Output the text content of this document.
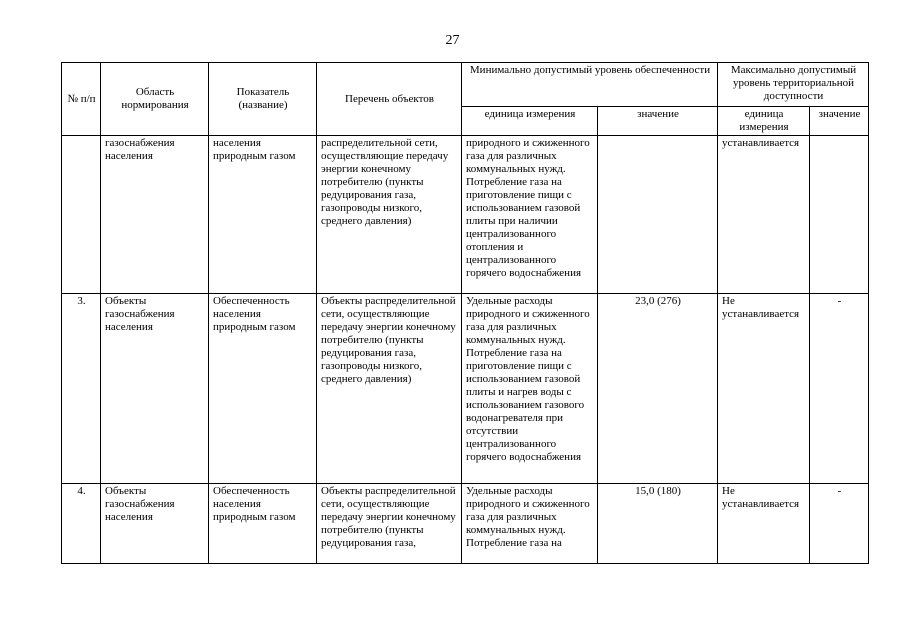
27
№ п/п	Область нормирования	Показатель (название)	Перечень объектов	Минимально допустимый уровень обеспеченности		Максимально допустимый уровень территориальной доступности	
				единица измерения	значение	единица измерения	значение
	газоснабжения населения	населения природным газом	распределительной сети, осуществляющие передачу энергии конечному потребителю (пункты редуцирования газа, газопроводы низкого, среднего давления)	природного и сжиженного газа для различных коммунальных нужд. Потребление газа на приготовление пищи с использованием газовой плиты при наличии централизованного отопления и централизованного горячего водоснабжения		устанавливается	
3.	Объекты газоснабжения населения	Обеспеченность населения природным газом	Объекты распределительной сети, осуществляющие передачу энергии конечному потребителю (пункты редуцирования газа, газопроводы низкого, среднего давления)	Удельные расходы природного и сжиженного газа для различных коммунальных нужд. Потребление газа на приготовление пищи с использованием газовой плиты и нагрев воды с использованием газового водонагревателя при отсутствии централизованного горячего водоснабжения	23,0 (276)	Не устанавливается	-
4.	Объекты газоснабжения населения	Обеспеченность населения природным газом	Объекты распределительной сети, осуществляющие передачу энергии конечному потребителю (пункты редуцирования газа,	Удельные расходы природного и сжиженного газа для различных коммунальных нужд. Потребление газа на	15,0 (180)	Не устанавливается	-
